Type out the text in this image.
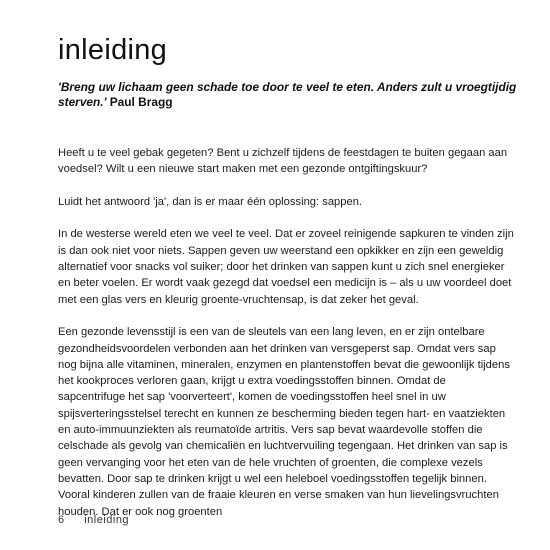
inleiding
'Breng uw lichaam geen schade toe door te veel te eten. Anders zult u vroegtijdig sterven.' Paul Bragg

Heeft u te veel gebak gegeten? Bent u zichzelf tijdens de feestdagen te buiten gegaan aan voedsel? Wilt u een nieuwe start maken met een gezonde ontgiftingskuur?

Luidt het antwoord 'ja', dan is er maar één oplossing: sappen.

In de westerse wereld eten we veel te veel. Dat er zoveel reinigende sapkuren te vinden zijn is dan ook niet voor niets. Sappen geven uw weerstand een opkikker en zijn een geweldig alternatief voor snacks vol suiker; door het drinken van sappen kunt u zich snel energieker en beter voelen. Er wordt vaak gezegd dat voedsel een medicijn is – als u uw voordeel doet met een glas vers en kleurig groente-vruchtensap, is dat zeker het geval.

Een gezonde levensstijl is een van de sleutels van een lang leven, en er zijn ontelbare gezondheidsvoordelen verbonden aan het drinken van versgeperst sap. Omdat vers sap nog bijna alle vitaminen, mineralen, enzymen en plantenstoffen bevat die gewoonlijk tijdens het kookproces verloren gaan, krijgt u extra voedingsstoffen binnen. Omdat de sapcentrifuge het sap 'voorverteert', komen de voedingsstoffen heel snel in uw spijsverteringsstelsel terecht en kunnen ze bescherming bieden tegen hart- en vaatziekten en auto-immuunziekten als reumatoïde artritis. Vers sap bevat waardevolle stoffen die celschade als gevolg van chemicaliën en luchtvervuiling tegengaan. Het drinken van sap is geen vervanging voor het eten van de hele vruchten of groenten, die complexe vezels bevatten. Door sap te drinken krijgt u wel een heleboel voedingsstoffen tegelijk binnen. Vooral kinderen zullen van de fraaie kleuren en verse smaken van hun lievelingsvruchten houden. Dat er ook nog groenten

6 inleiding
